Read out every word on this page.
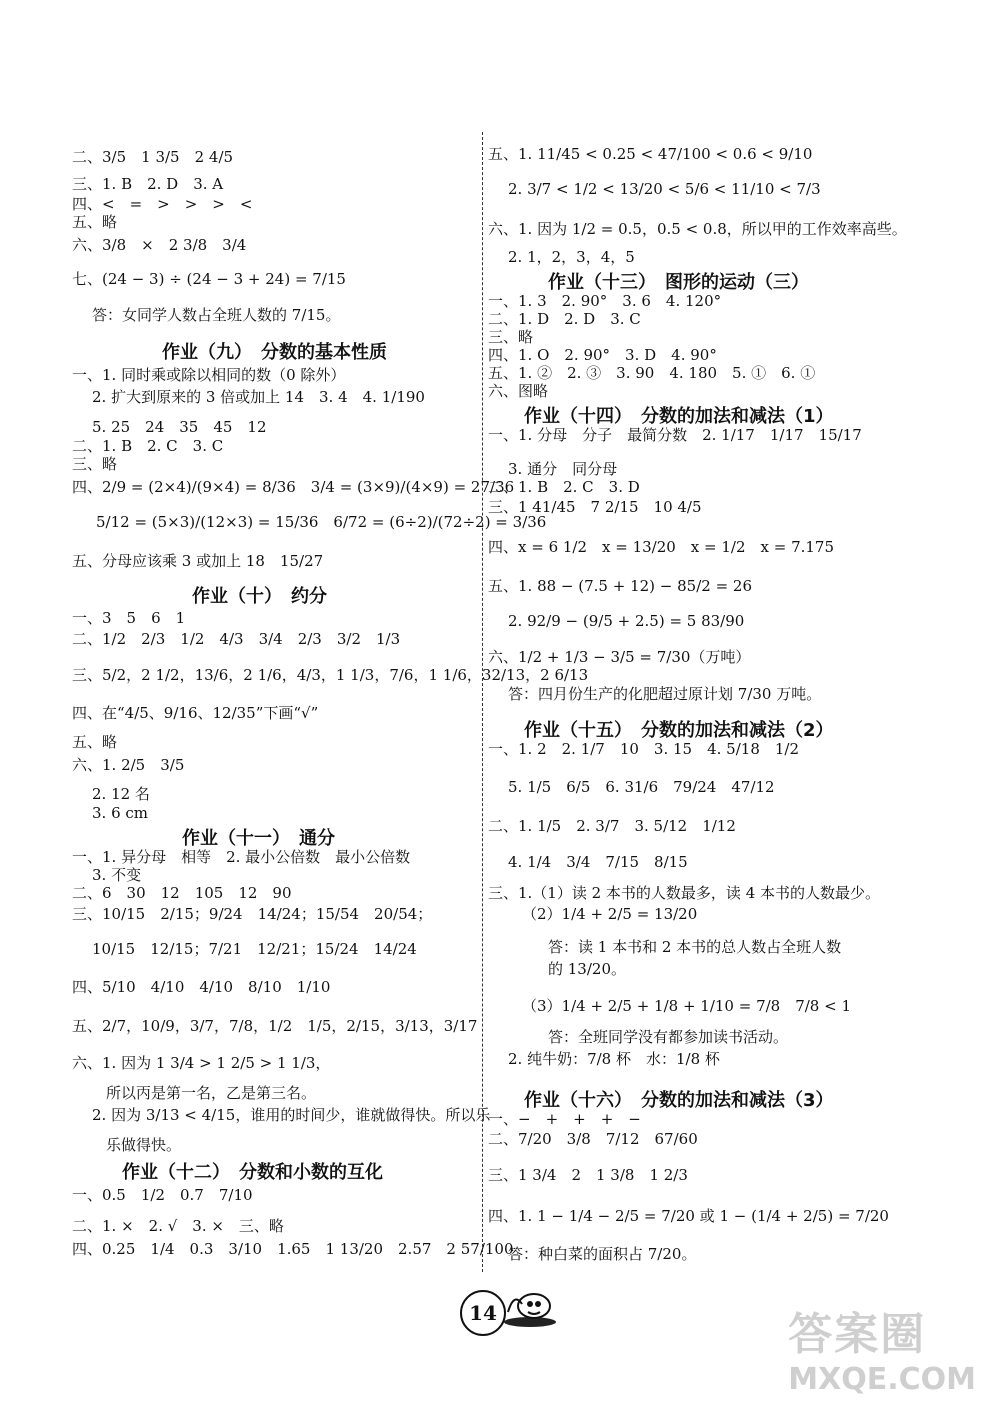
二、3/5　1 3/5　2 4/5
三、1. B　2. D　3. A
四、<　=　>　>　>　<
五、略
六、3/8　×　2 3/8　3/4
七、(24 − 3) ÷ (24 − 3 + 24) = 7/15
答：女同学人数占全班人数的 7/15。
作业（九）　分数的基本性质
一、1. 同时乘或除以相同的数（0 除外）
2. 扩大到原来的 3 倍或加上 14　3. 4　4. 1/190
5. 25　24　35　45　12
二、1. B　2. C　3. C
三、略
四、2/9 = (2×4)/(9×4) = 8/36　3/4 = (3×9)/(4×9) = 27/36
5/12 = (5×3)/(12×3) = 15/36　6/72 = (6÷2)/(72÷2) = 3/36
五、分母应该乘 3 或加上 18　15/27
作业（十）　约分
一、3　5　6　1
二、1/2　2/3　1/2　4/3　3/4　2/3　3/2　1/3
三、5/2，2 1/2，13/6，2 1/6，4/3，1 1/3，7/6，1 1/6，32/13，2 6/13
四、在“4/5、9/16、12/35”下画“√”
五、略
六、1. 2/5　3/5
2. 12 名
3. 6 cm
作业（十一）　通分
一、1. 异分母　相等　2. 最小公倍数　最小公倍数
3. 不变
二、6　30　12　105　12　90
三、10/15　2/15；9/24　14/24；15/54　20/54；
10/15　12/15；7/21　12/21；15/24　14/24
四、5/10　4/10　4/10　8/10　1/10
五、2/7，10/9，3/7，7/8，1/2　1/5，2/15，3/13，3/17
六、1. 因为 1 3/4 > 1 2/5 > 1 1/3，
所以丙是第一名，乙是第三名。
2. 因为 3/13 < 4/15，谁用的时间少，谁就做得快。所以乐
乐做得快。
作业（十二）　分数和小数的互化
一、0.5　1/2　0.7　7/10
二、1. ×　2. √　3. ×　三、略
四、0.25　1/4　0.3　3/10　1.65　1 13/20　2.57　2 57/100
五、1. 11/45 < 0.25 < 47/100 < 0.6 < 9/10
2. 3/7 < 1/2 < 13/20 < 5/6 < 11/10 < 7/3
六、1. 因为 1/2 = 0.5，0.5 < 0.8，所以甲的工作效率高些。
2. 1，2，3，4，5
作业（十三）　图形的运动（三）
一、1. 3　2. 90°　3. 6　4. 120°
二、1. D　2. D　3. C
三、略
四、1. O　2. 90°　3. D　4. 90°
五、1. ②　2. ③　3. 90　4. 180　5. ①　6. ①
六、图略
作业（十四）　分数的加法和减法（1）
一、1. 分母　分子　最简分数　2. 1/17　1/17　15/17
3. 通分　同分母
二、1. B　2. C　3. D
三、1 41/45　7 2/15　10 4/5
四、x = 6 1/2　x = 13/20　x = 1/2　x = 7.175
五、1. 88 − (7.5 + 12) − 85/2 = 26
2. 92/9 − (9/5 + 2.5) = 5 83/90
六、1/2 + 1/3 − 3/5 = 7/30（万吨）
答：四月份生产的化肥超过原计划 7/30 万吨。
作业（十五）　分数的加法和减法（2）
一、1. 2　2. 1/7　10　3. 15　4. 5/18　1/2
5. 1/5　6/5　6. 31/6　79/24　47/12
二、1. 1/5　2. 3/7　3. 5/12　1/12
4. 1/4　3/4　7/15　8/15
三、1.（1）读 2 本书的人数最多，读 4 本书的人数最少。
（2）1/4 + 2/5 = 13/20
答：读 1 本书和 2 本书的总人数占全班人数
的 13/20。
（3）1/4 + 2/5 + 1/8 + 1/10 = 7/8　7/8 < 1
答：全班同学没有都参加读书活动。
2. 纯牛奶：7/8 杯　水：1/8 杯
作业（十六）　分数的加法和减法（3）
一、−　+　+　+　−
二、7/20　3/8　7/12　67/60
三、1 3/4　2　1 3/8　1 2/3
四、1. 1 − 1/4 − 2/5 = 7/20 或 1 − (1/4 + 2/5) = 7/20
答：种白菜的面积占 7/20。
14	答案圈
MXQE.COM
